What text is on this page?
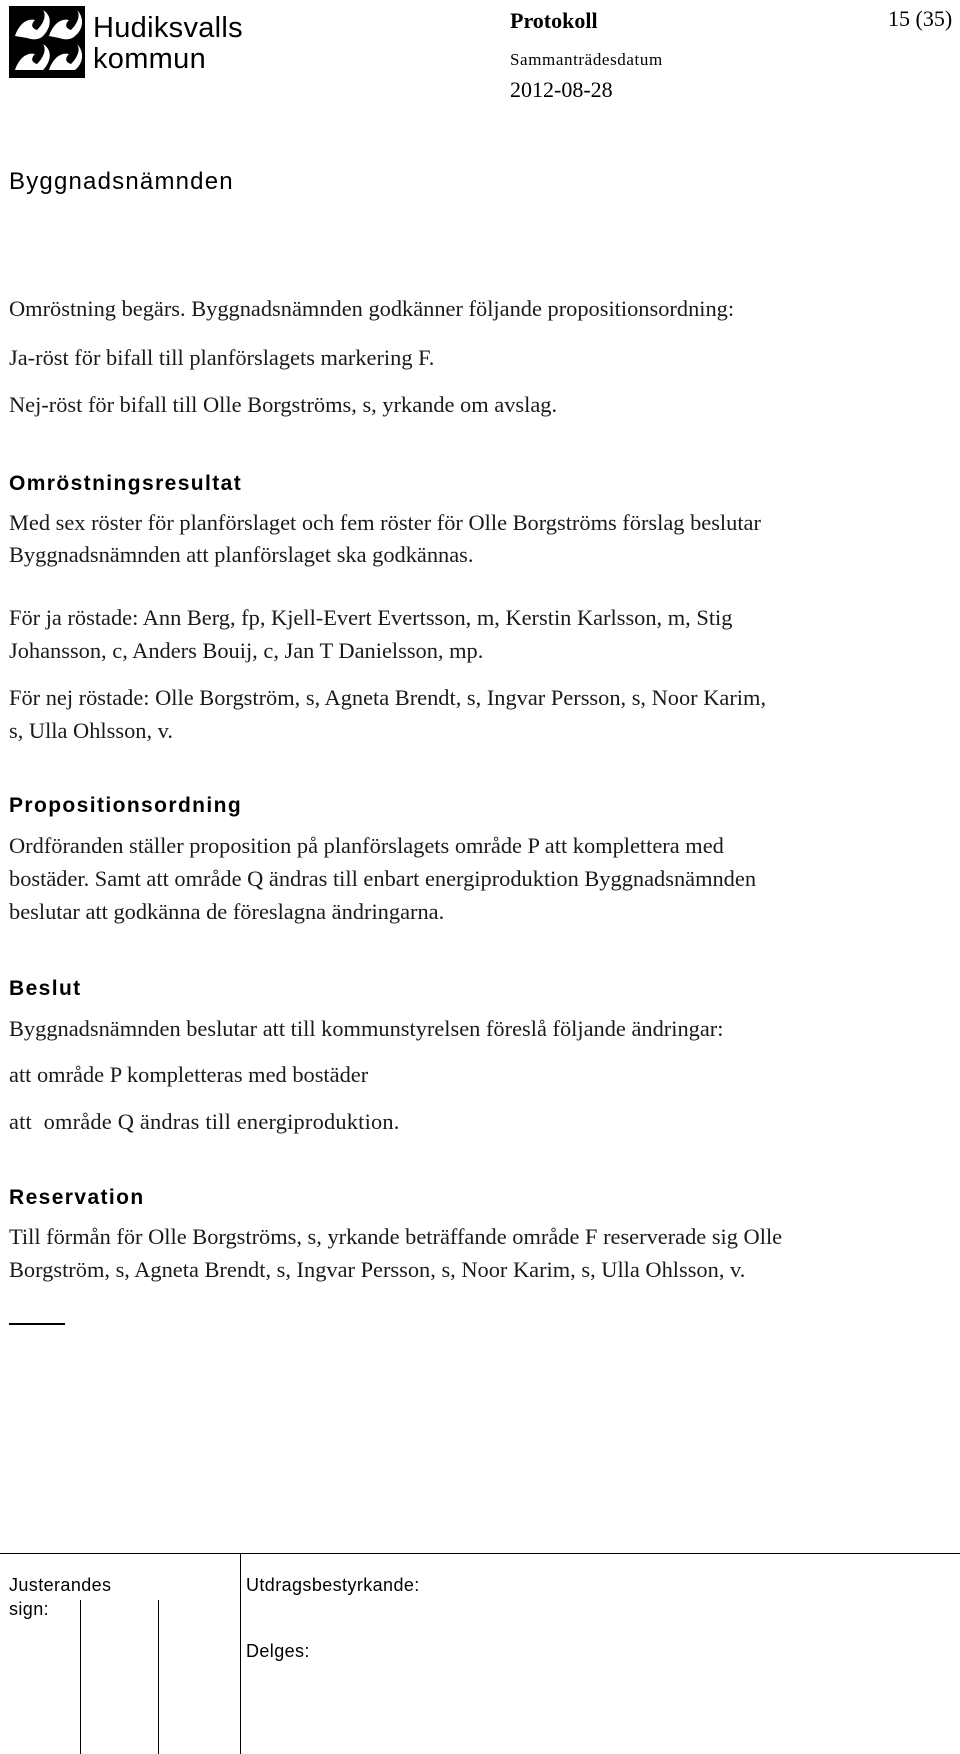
Hudiksvalls
kommun
Protokoll	15 (35)
Sammanträdesdatum
2012-08-28
Byggnadsnämnden
Omröstning begärs. Byggnadsnämnden godkänner följande propositionsordning:
Ja-röst för bifall till planförslagets markering F.
Nej-röst för bifall till Olle Borgströms, s, yrkande om avslag.
Omröstningsresultat
Med sex röster för planförslaget och fem röster för Olle Borgströms förslag beslutar
Byggnadsnämnden att planförslaget ska godkännas.
För ja röstade: Ann Berg, fp, Kjell-Evert Evertsson, m, Kerstin Karlsson, m, Stig
Johansson, c, Anders Bouij, c, Jan T Danielsson, mp.
För nej röstade: Olle Borgström, s, Agneta Brendt, s, Ingvar Persson, s, Noor Karim,
s, Ulla Ohlsson, v.
Propositionsordning
Ordföranden ställer proposition på planförslagets område P att komplettera med
bostäder. Samt att område Q ändras till enbart energiproduktion Byggnadsnämnden
beslutar att godkänna de föreslagna ändringarna.
Beslut
Byggnadsnämnden beslutar att till kommunstyrelsen föreslå följande ändringar:
att område P kompletteras med bostäder
att  område Q ändras till energiproduktion.
Reservation
Till förmån för Olle Borgströms, s, yrkande beträffande område F reserverade sig Olle
Borgström, s, Agneta Brendt, s, Ingvar Persson, s, Noor Karim, s, Ulla Ohlsson, v.
Justerandes
sign:
Utdragsbestyrkande:
Delges:
